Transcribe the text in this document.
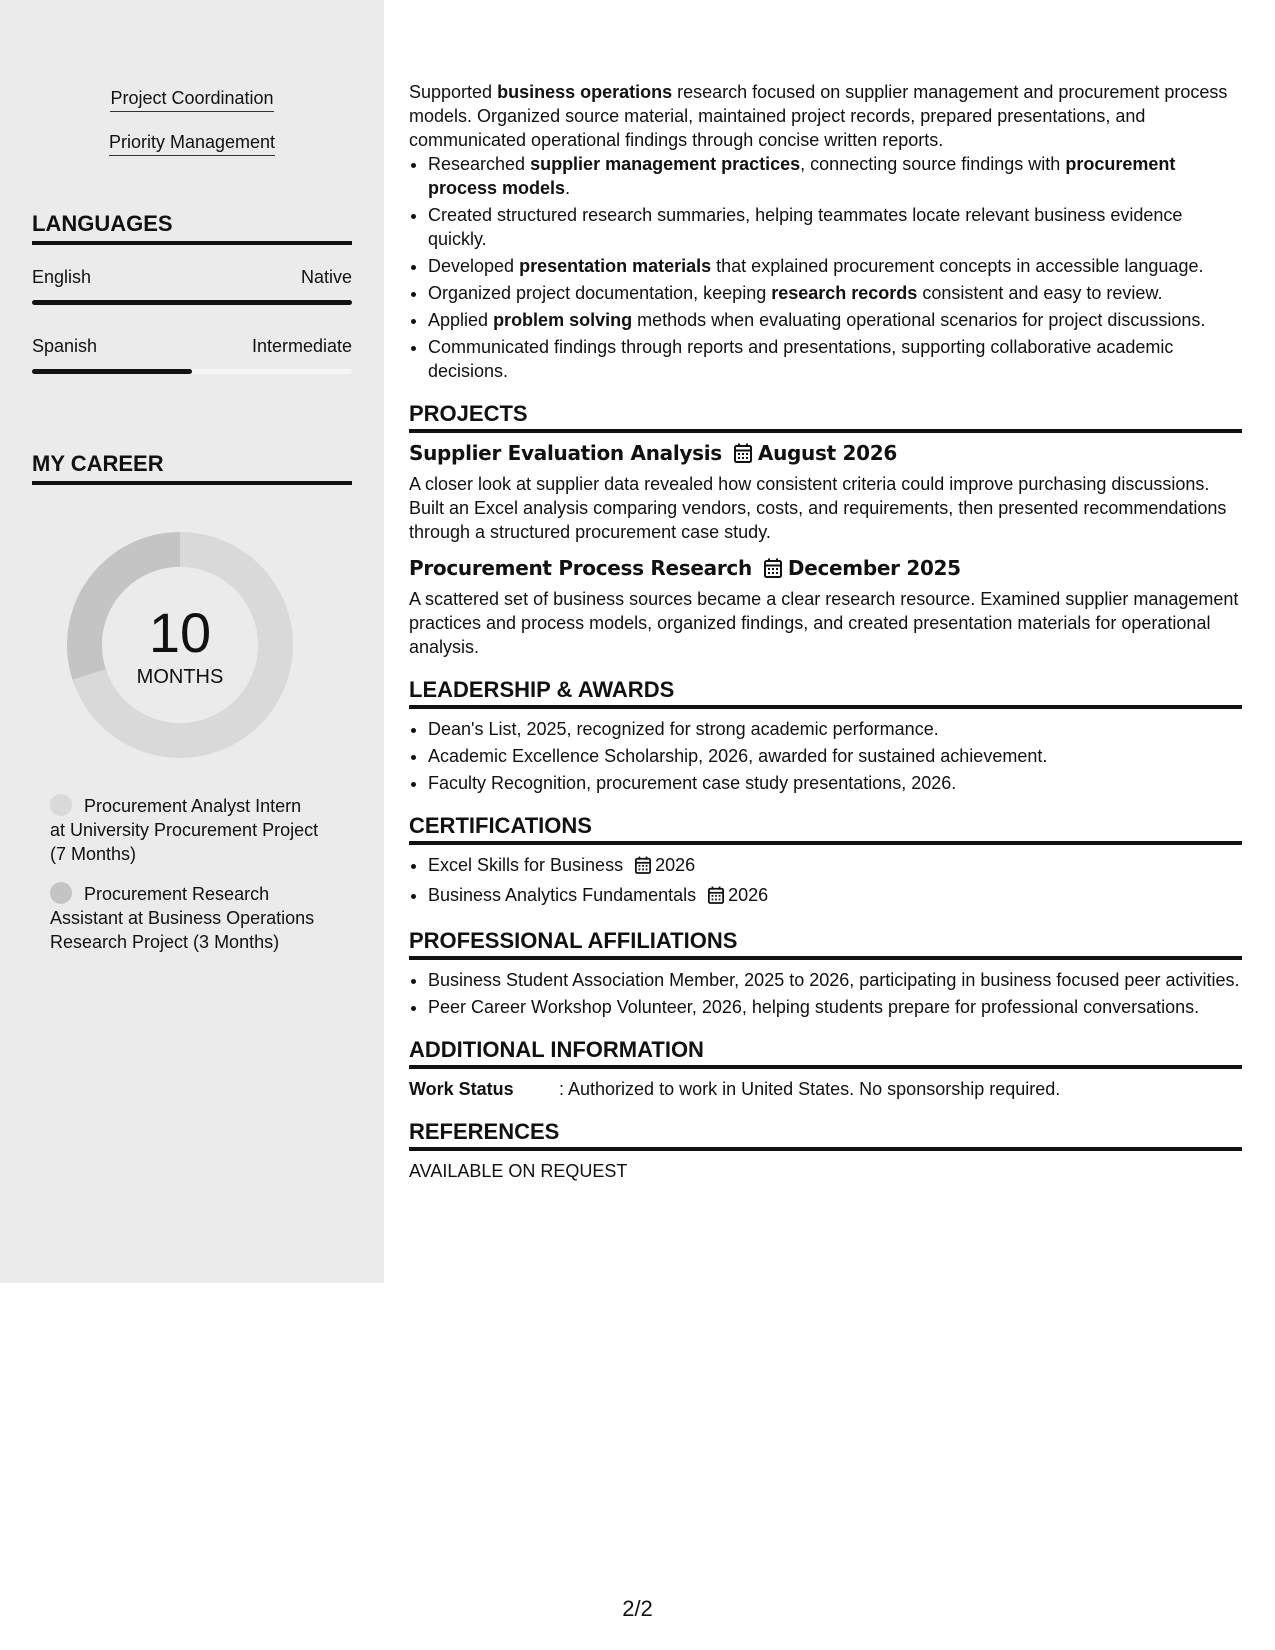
Project Coordination
Priority Management
LANGUAGES
English	Native
Spanish	Intermediate
MY CAREER
10
MONTHS
Procurement Analyst Intern at University Procurement Project (7 Months)
Procurement Research Assistant at Business Operations Research Project (3 Months)

Supported business operations research focused on supplier management and procurement process models. Organized source material, maintained project records, prepared presentations, and communicated operational findings through concise written reports.

• Researched supplier management practices, connecting source findings with procurement process models.
• Created structured research summaries, helping teammates locate relevant business evidence quickly.
• Developed presentation materials that explained procurement concepts in accessible language.
• Organized project documentation, keeping research records consistent and easy to review.
• Applied problem solving methods when evaluating operational scenarios for project discussions.
• Communicated findings through reports and presentations, supporting collaborative academic decisions.
PROJECTS
Supplier Evaluation Analysis August 2026

A closer look at supplier data revealed how consistent criteria could improve purchasing discussions. Built an Excel analysis comparing vendors, costs, and requirements, then presented recommendations through a structured procurement case study.

Procurement Process Research December 2025

A scattered set of business sources became a clear research resource. Examined supplier management practices and process models, organized findings, and created presentation materials for operational analysis.

LEADERSHIP & AWARDS
• Dean's List, 2025, recognized for strong academic performance.
• Academic Excellence Scholarship, 2026, awarded for sustained achievement.
• Faculty Recognition, procurement case study presentations, 2026.
CERTIFICATIONS
• Excel Skills for Business 2026
• Business Analytics Fundamentals 2026
PROFESSIONAL AFFILIATIONS
• Business Student Association Member, 2025 to 2026, participating in business focused peer activities.
• Peer Career Workshop Volunteer, 2026, helping students prepare for professional conversations.
ADDITIONAL INFORMATION
Work Status	: Authorized to work in United States. No sponsorship required.
REFERENCES

AVAILABLE ON REQUEST

2/2
